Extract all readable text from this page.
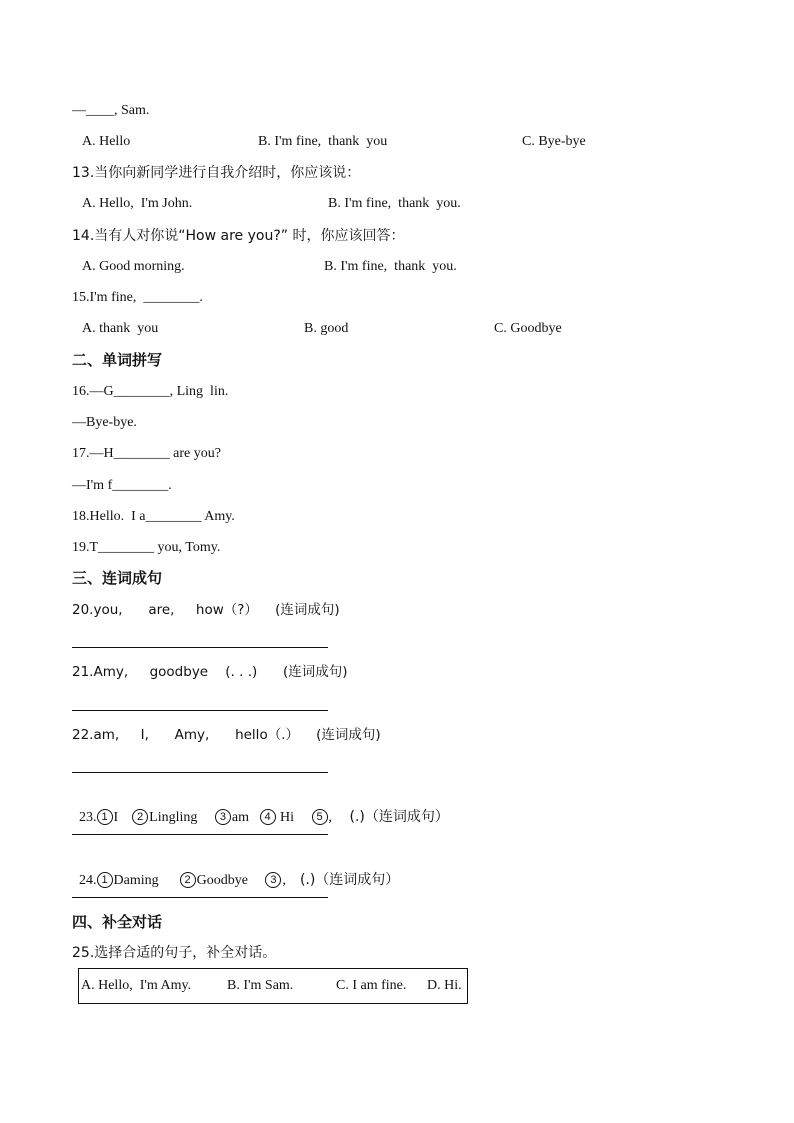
—____, Sam.
A. Hello	B. I'm fine,  thank  you	C. Bye-bye
13.当你向新同学进行自我介绍时，你应该说：
A. Hello,  I'm John.	B. I'm fine,  thank  you.
14.当有人对你说“How are you?” 时，你应该回答：
A. Good morning.	B. I'm fine,  thank  you.
15.I'm fine,  ________.
A. thank  you	B. good	C. Goodbye
二、单词拼写
16.—G________, Ling  lin.
—Bye-bye.
17.—H________ are you?
—I'm f________.
18.Hello.  I a________ Amy.
19.T________ you, Tomy.
三、连词成句
20.you,      are,     how（?）    (连词成句)
21.Amy,     goodbye    (. . .)      (连词成句)
22.am,     I,      Amy,      hello（.）    (连词成句)

23. 1 I 2 Lingling 3 am 4 Hi 5 , (.)（连词成句）

24. 1 Daming 2 Goodbye 3 , (.)（连词成句）

四、补全对话
25.选择合适的句子，补全对话。
A. Hello,  I'm Amy.	B. I'm Sam.	C. I am fine. D. Hi.
